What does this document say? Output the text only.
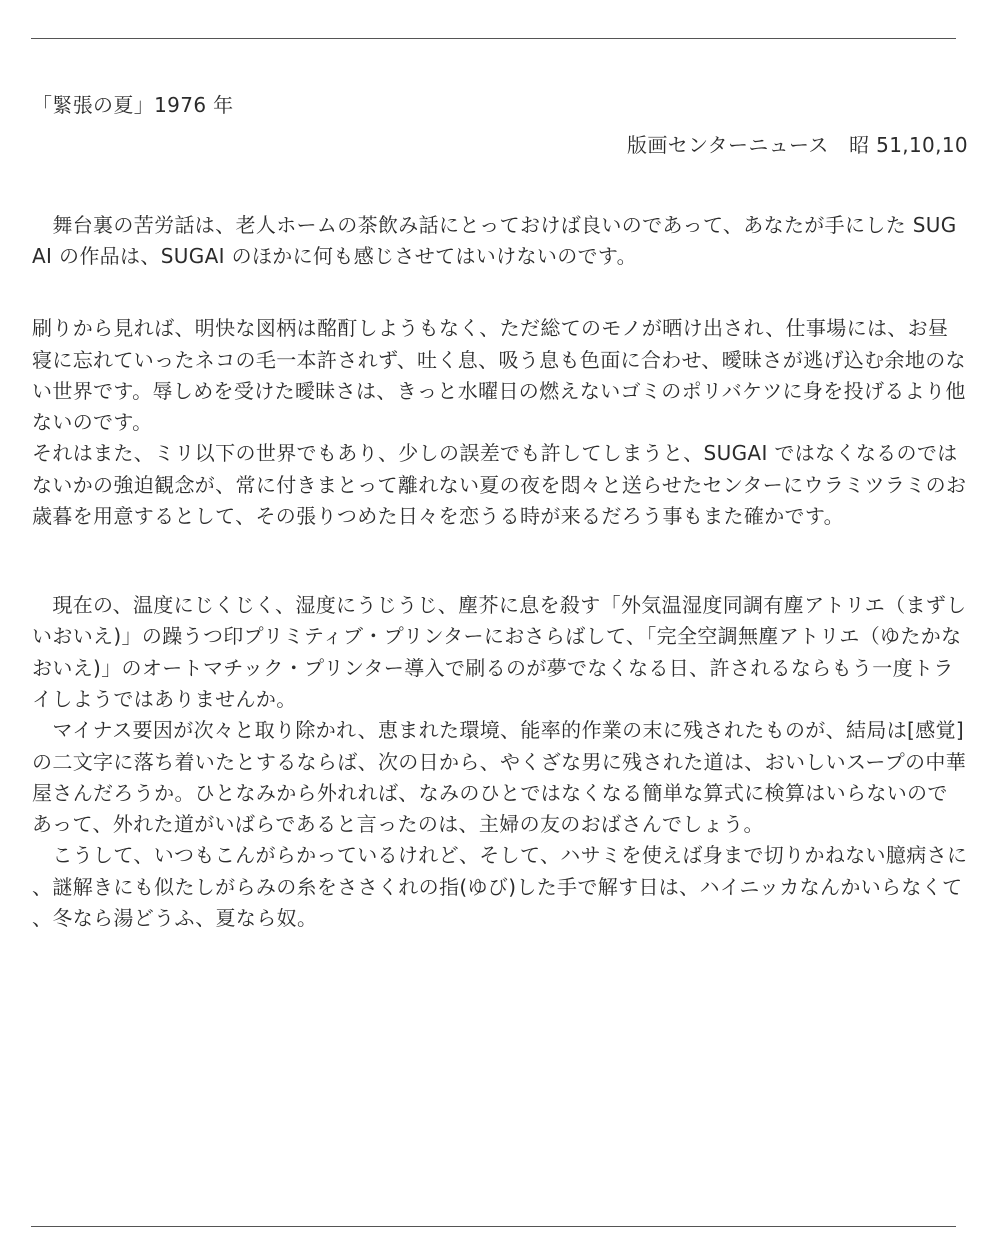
「緊張の夏」1976 年
版画センターニュース　昭 51,10,10

　舞台裏の苦労話は、老人ホームの茶飲み話にとっておけば良いのであって、あなたが手にした SUGAI の作品は、SUGAI のほかに何も感じさせてはいけないのです。

刷りから見れば、明快な図柄は酩酊しようもなく、ただ総てのモノが晒け出され、仕事場には、お昼寝に忘れていったネコの毛一本許されず、吐く息、吸う息も色面に合わせ、曖昧さが逃げ込む余地のない世界です。辱しめを受けた曖昧さは、きっと水曜日の燃えないゴミのポリバケツに身を投げるより他ないのです。

それはまた、ミリ以下の世界でもあり、少しの誤差でも許してしまうと、SUGAI ではなくなるのではないかの強迫観念が、常に付きまとって離れない夏の夜を悶々と送らせたセンターにウラミツラミのお歳暮を用意するとして、その張りつめた日々を恋うる時が来るだろう事もまた確かです。

　現在の、温度にじくじく、湿度にうじうじ、塵芥に息を殺す「外気温湿度同調有塵アトリエ（まずしいおいえ)」の躁うつ印プリミティブ・プリンターにおさらばして、「完全空調無塵アトリエ（ゆたかなおいえ)」のオートマチック・プリンター導入で刷るのが夢でなくなる日、許されるならもう一度トライしようではありませんか。

　マイナス要因が次々と取り除かれ、恵まれた環境、能率的作業の末に残されたものが、結局は[感覚]の二文字に落ち着いたとするならば、次の日から、やくざな男に残された道は、おいしいスープの中華屋さんだろうか。ひとなみから外れれば、なみのひとではなくなる簡単な算式に検算はいらないのであって、外れた道がいばらであると言ったのは、主婦の友のおばさんでしょう。

　こうして、いつもこんがらかっているけれど、そして、ハサミを使えば身まで切りかねない臆病さに、謎解きにも似たしがらみの糸をささくれの指(ゆび)した手で解す日は、ハイニッカなんかいらなくて、冬なら湯どうふ、夏なら奴。
